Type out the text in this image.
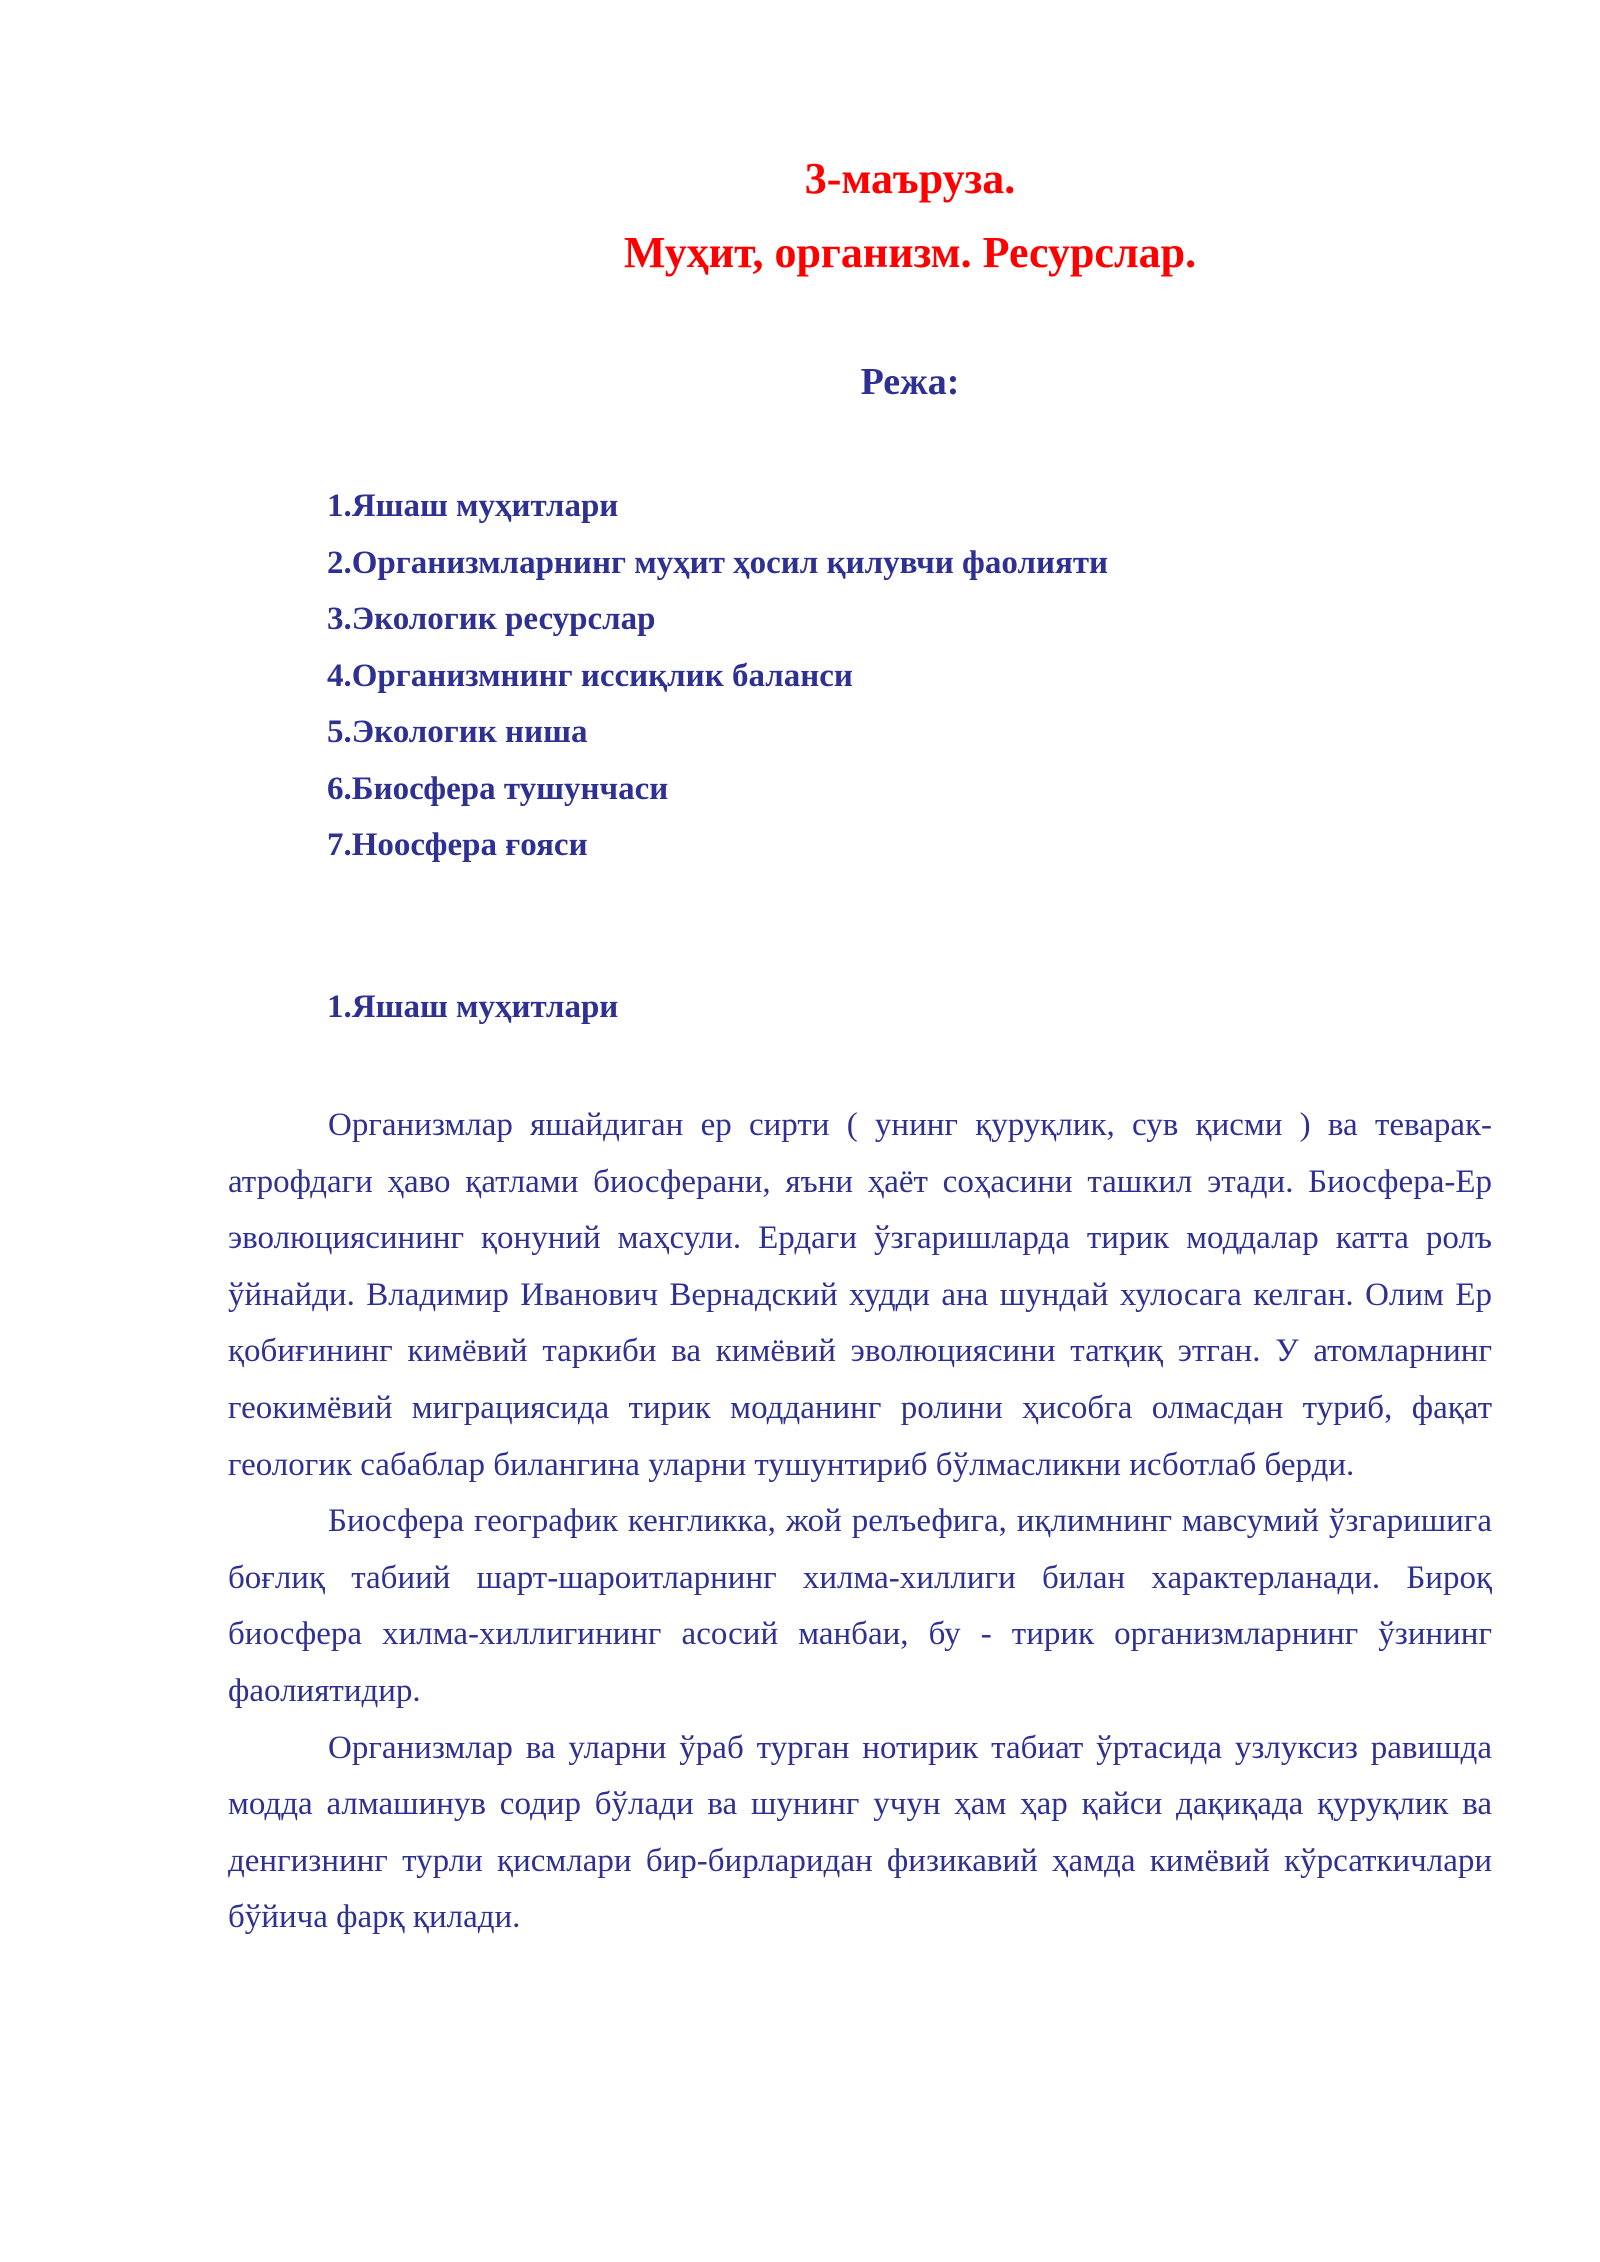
3-маъруза.
Муҳит, организм. Ресурслар.
Режа:
1.Яшаш муҳитлари
2.Организмларнинг муҳит ҳосил қилувчи фаолияти
3.Экологик ресурслар
4.Организмнинг иссиқлик баланси
5.Экологик ниша
6.Биосфера тушунчаси
7.Ноосфера ғояси
1.Яшаш муҳитлари

Организмлар яшайдиган ер сирти ( унинг қуруқлик, сув қисми ) ва теварак-атрофдаги ҳаво қатлами биосферани, яъни ҳаёт соҳасини ташкил этади. Биосфера-Ер эволюциясининг қонуний маҳсули. Ердаги ўзгаришларда тирик моддалар катта ролъ ўйнайди. Владимир Иванович Вернадский худди ана шундай хулосага келган. Олим Ер қобиғининг кимёвий таркиби ва кимёвий эволюциясини татқиқ этган. У атомларнинг геокимёвий миграциясида тирик модданинг ролини ҳисобга олмасдан туриб, фақат геологик сабаблар билангина уларни тушунтириб бўлмасликни исботлаб берди.

Биосфера географик кенгликка, жой релъефига, иқлимнинг мавсумий ўзгаришига боғлиқ табиий шарт-шароитларнинг хилма-хиллиги билан характерланади. Бироқ биосфера хилма-хиллигининг асосий манбаи, бу - тирик организмларнинг ўзининг фаолиятидир.

Организмлар ва уларни ўраб турган нотирик табиат ўртасида узлуксиз равишда модда алмашинув содир бўлади ва шунинг учун ҳам ҳар қайси дақиқада қуруқлик ва денгизнинг турли қисмлари бир-бирларидан физикавий ҳамда кимёвий кўрсаткичлари бўйича фарқ қилади.
